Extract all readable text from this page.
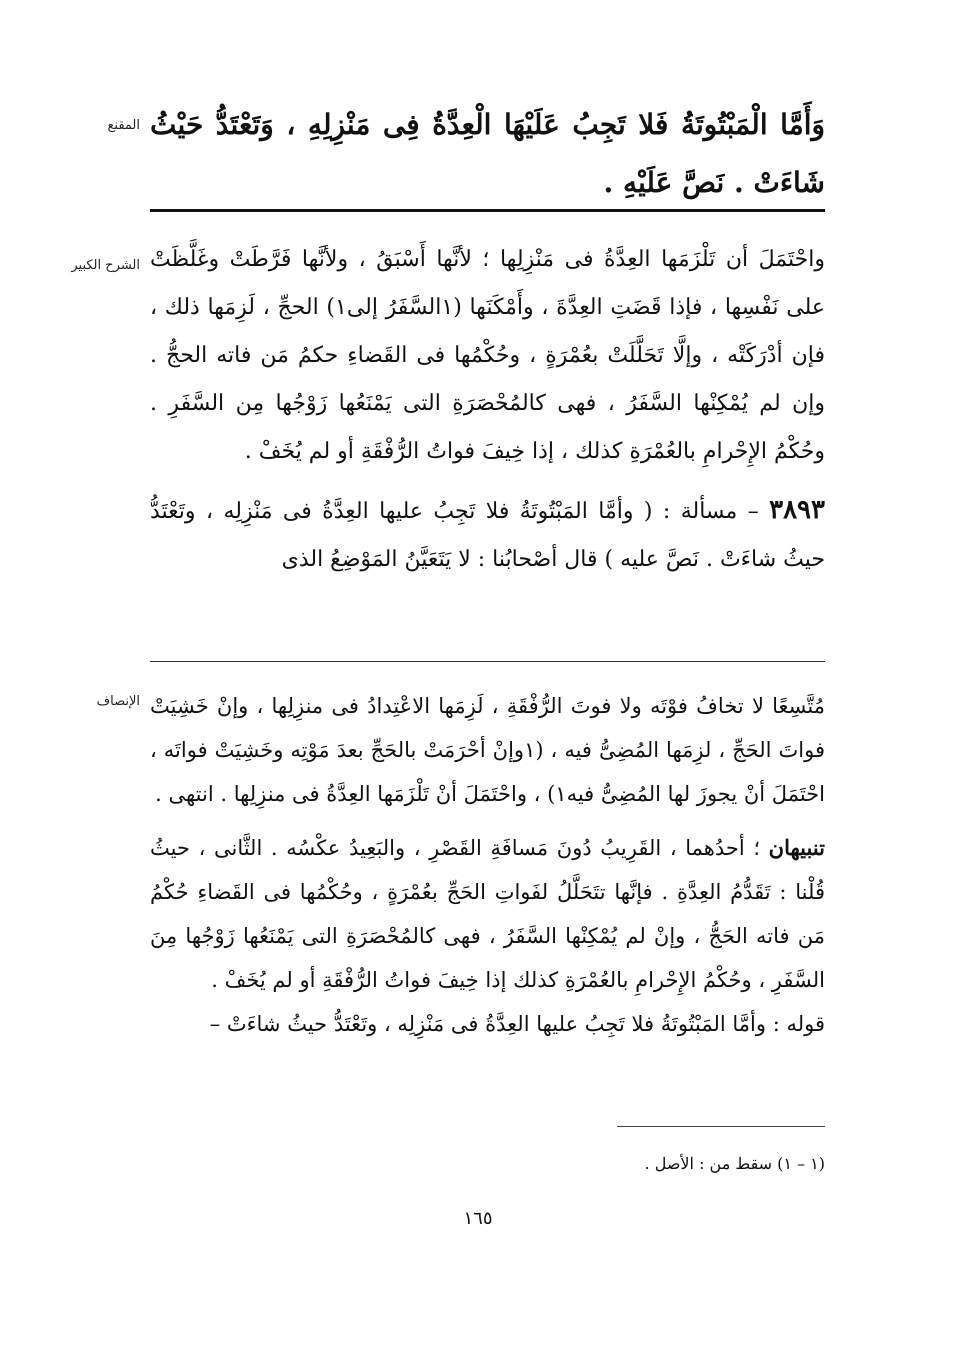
المقنع وَأَمَّا الْمَبْتُوتَةُ فَلا تَجِبُ عَلَيْهَا الْعِدَّةُ فِى مَنْزِلِهِ ، وَتَعْتَدُّ حَيْثُ شَاءَتْ . نَصَّ عَلَيْهِ .

الشرح الكبير واحْتَمَلَ أن تَلْزَمَها العِدَّةُ فى مَنْزِلِها ؛ لأنَّها أَسْبَقُ ، ولأنَّها فَرَّطَتْ وغَلَّظَتْ على نَفْسِها ، فإذا قَضَتِ العِدَّةَ ، وأَمْكَنَها (١السَّفَرُ إلى١) الحجِّ ، لَزِمَها ذلك ، فإن أدْرَكَتْه ، وإلَّا تَحَلَّلَتْ بعُمْرَةٍ ، وحُكْمُها فى القَضاءِ حكمُ مَن فاته الحجُّ . وإن لم يُمْكِنْها السَّفَرُ ، فهى كالمُحْصَرَةِ التى يَمْنَعُها زَوْجُها مِن السَّفَرِ . وحُكْمُ الإِحْرامِ بالعُمْرَةِ كذلك ، إذا خِيفَ فواتُ الرُّفْقَةِ أو لم يُخَفْ .

٣٨٩٣ – مسألة : ( وأمَّا المَبْتُوتَةُ فلا تَجِبُ عليها العِدَّةُ فى مَنْزِلِه ، وتَعْتَدُّ حيثُ شاءَتْ . نَصَّ عليه ) قال أصْحابُنا : لا يَتَعَيَّنُ المَوْضِعُ الذى

الإنصاف مُتَّسِعًا لا تخافُ فوْتَه ولا فوتَ الرُّفْقَةِ ، لَزِمَها الاعْتِدادُ فى منزِلِها ، وإنْ خَشِيَتْ فواتَ الحَجِّ ، لزِمَها المُضِىُّ فيه ، (١وإنْ أحْرَمَتْ بالحَجِّ بعدَ مَوْتِه وخَشِيَتْ فواتَه ، احْتَمَلَ أنْ يجوزَ لها المُضِىُّ فيه١) ، واحْتَمَلَ أنْ تَلْزَمَها العِدَّةُ فى منزِلِها . انتهى .

تنبيهان ؛ أحدُهما ، القَرِيبُ دُونَ مَسافَةِ القَصْرِ ، والبَعِيدُ عكْسُه . الثَّانى ، حيثُ قُلْنا : تَقَدُّمُ العِدَّةِ . فإنَّها تتَحَلَّلُ لفَواتِ الحَجِّ بعُمْرَةٍ ، وحُكْمُها فى القَضاءِ حُكْمُ مَن فاته الحَجُّ ، وإنْ لم يُمْكِنْها السَّفَرُ ، فهى كالمُحْصَرَةِ التى يَمْنَعُها زَوْجُها مِنَ السَّفَرِ ، وحُكْمُ الإِحْرامِ بالعُمْرَةِ كذلك إذا خِيفَ فواتُ الرُّفْقَةِ أو لم يُخَفْ .

قوله : وأمَّا المَبْتُوتَةُ فلا تَجِبُ عليها العِدَّةُ فى مَنْزِلِه ، وتَعْتَدُّ حيثُ شاءَتْ –

(١ – ١) سقط من : الأصل .
١٦٥
